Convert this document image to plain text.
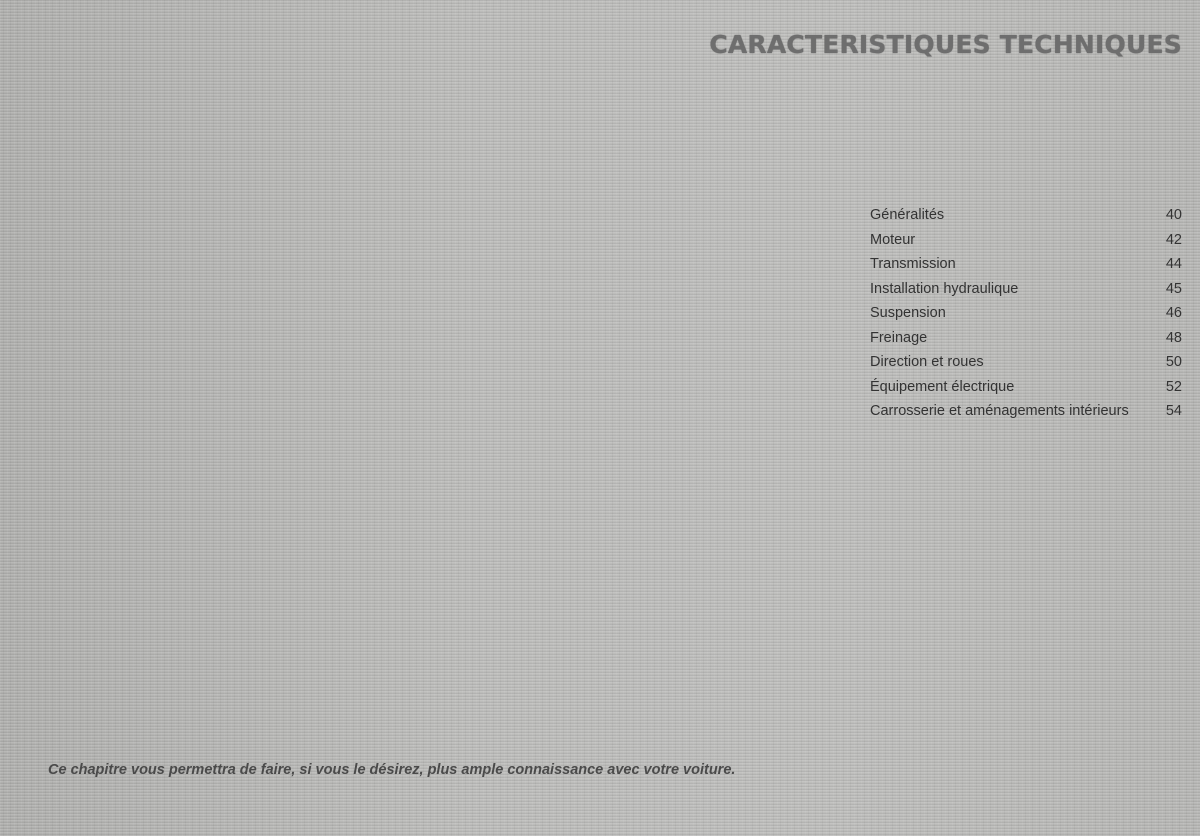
CARACTERISTIQUES TECHNIQUES
Généralités	40
Moteur	42
Transmission	44
Installation hydraulique	45
Suspension	46
Freinage	48
Direction et roues	50
Équipement électrique	52
Carrosserie et aménagements intérieurs	54

Ce chapitre vous permettra de faire, si vous le désirez, plus ample connaissance avec votre voiture.
